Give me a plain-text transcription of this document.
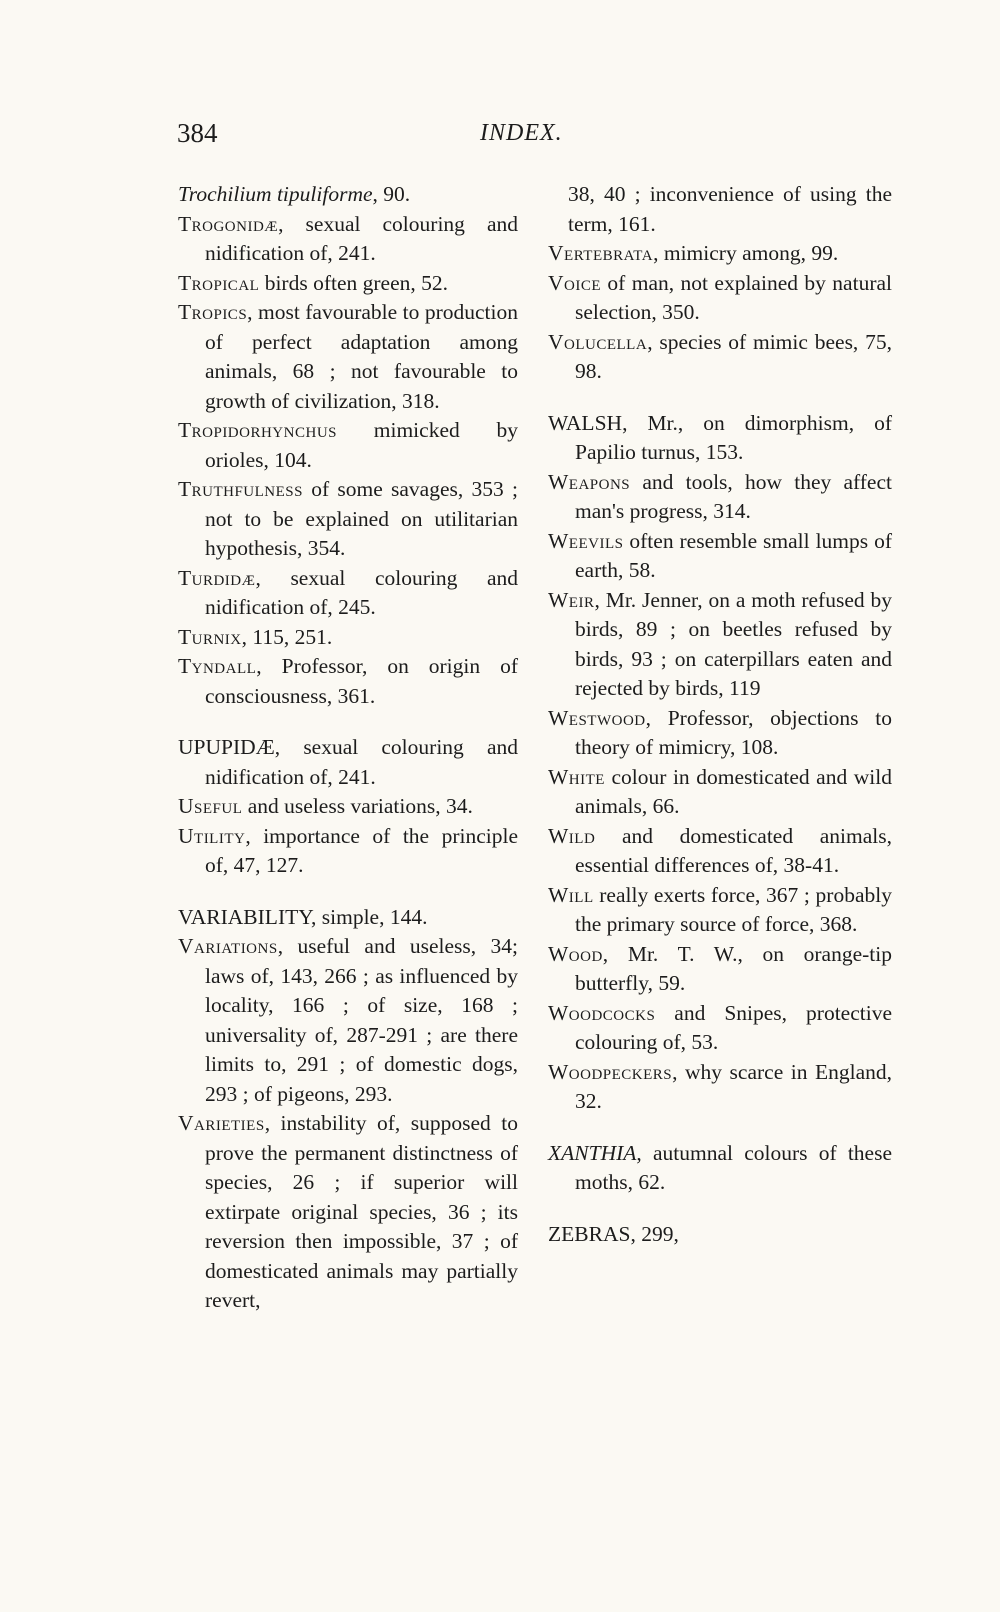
384	INDEX.
Trochilium tipuliforme, 90.
Trogonidæ, sexual colouring and nidification of, 241.
Tropical birds often green, 52.
Tropics, most favourable to production of perfect adaptation among animals, 68 ; not favourable to growth of civilization, 318.
Tropidorhynchus mimicked by orioles, 104.
Truthfulness of some savages, 353 ; not to be explained on utilitarian hypothesis, 354.
Turdidæ, sexual colouring and nidification of, 245.
Turnix, 115, 251.
Tyndall, Professor, on origin of consciousness, 361.
UPUPIDÆ, sexual colouring and nidification of, 241.
Useful and useless variations, 34.
Utility, importance of the principle of, 47, 127.
VARIABILITY, simple, 144.
Variations, useful and useless, 34; laws of, 143, 266 ; as influenced by locality, 166 ; of size, 168 ; universality of, 287-291 ; are there limits to, 291 ; of domestic dogs, 293 ; of pigeons, 293.
Varieties, instability of, supposed to prove the permanent distinctness of species, 26 ; if superior will extirpate original species, 36 ; its reversion then impossible, 37 ; of domesticated animals may partially revert,
38, 40 ; inconvenience of using the term, 161.
Vertebrata, mimicry among, 99.
Voice of man, not explained by natural selection, 350.
Volucella, species of mimic bees, 75, 98.
WALSH, Mr., on dimorphism, of Papilio turnus, 153.
Weapons and tools, how they affect man's progress, 314.
Weevils often resemble small lumps of earth, 58.
Weir, Mr. Jenner, on a moth refused by birds, 89 ; on beetles refused by birds, 93 ; on caterpillars eaten and rejected by birds, 119
Westwood, Professor, objections to theory of mimicry, 108.
White colour in domesticated and wild animals, 66.
Wild and domesticated animals, essential differences of, 38-41.
Will really exerts force, 367 ; probably the primary source of force, 368.
Wood, Mr. T. W., on orange-tip butterfly, 59.
Woodcocks and Snipes, protective colouring of, 53.
Woodpeckers, why scarce in England, 32.
XANTHIA, autumnal colours of these moths, 62.
ZEBRAS, 299,
